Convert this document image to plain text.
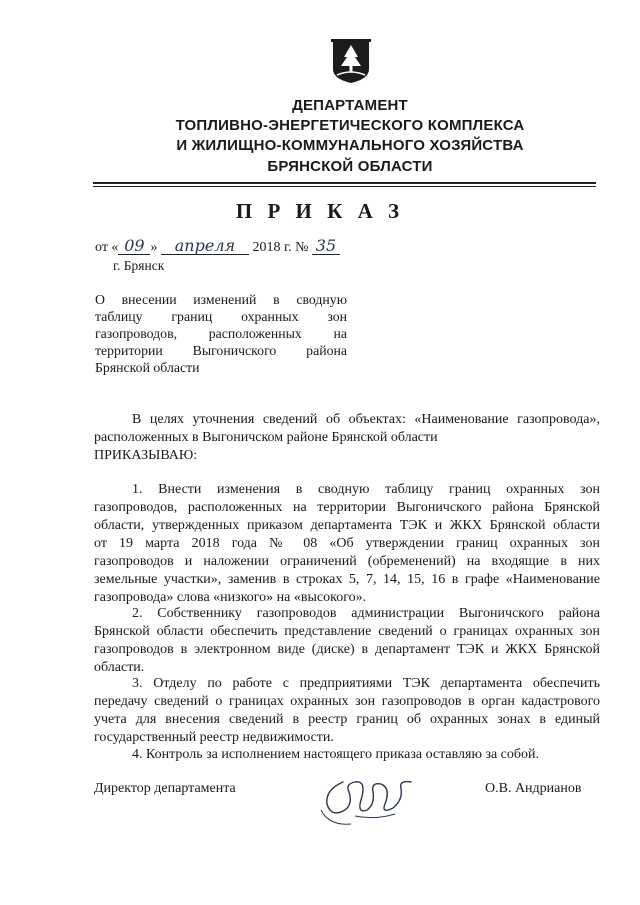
ДЕПАРТАМЕНТ
ТОПЛИВНО-ЭНЕРГЕТИЧЕСКОГО КОМПЛЕКСА
И ЖИЛИЩНО-КОММУНАЛЬНОГО ХОЗЯЙСТВА
БРЯНСКОЙ ОБЛАСТИ
П Р И К А З
от « 09 » апреля 2018 г. № 35
г. Брянск
О внесении изменений в сводную
таблицу границ охранных зон
газопроводов, расположенных на
территории Выгоничского района
Брянской области
В целях уточнения сведений об объектах: «Наименование газопровода»,
расположенных в Выгоничском районе Брянской области
ПРИКАЗЫВАЮ:
1. Внести изменения в сводную таблицу границ охранных зон
газопроводов, расположенных на территории Выгоничского района Брянской
области, утвержденных приказом департамента ТЭК и ЖКХ Брянской области
от 19 марта 2018 года № 08 «Об утверждении границ охранных зон
газопроводов и наложении ограничений (обременений) на входящие в них
земельные участки», заменив в строках 5, 7, 14, 15, 16 в графе «Наименование
газопровода» слова «низкого» на «высокого».
2. Собственнику газопроводов администрации Выгоничского района
Брянской области обеспечить представление сведений о границах охранных зон
газопроводов в электронном виде (диске) в департамент ТЭК и ЖКХ Брянской
области.
3. Отделу по работе с предприятиями ТЭК департамента обеспечить
передачу сведений о границах охранных зон газопроводов в орган кадастрового
учета для внесения сведений в реестр границ об охранных зонах в единый
государственный реестр недвижимости.
4. Контроль за исполнением настоящего приказа оставляю за собой.
Директор департамента	О.В. Андрианов
